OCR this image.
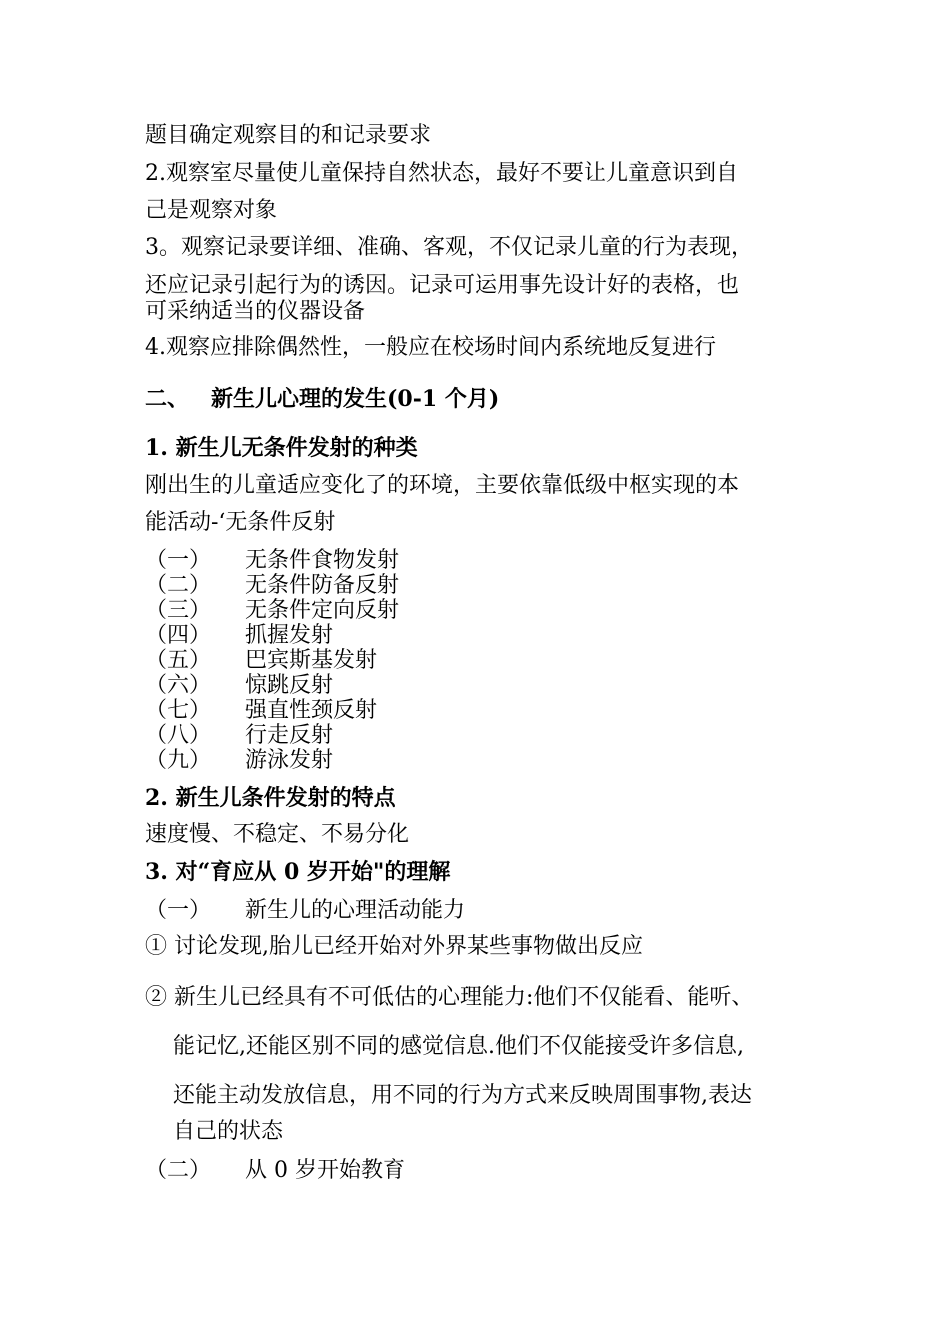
题目确定观察目的和记录要求
2.观察室尽量使儿童保持自然状态，最好不要让儿童意识到自
己是观察对象
3。观察记录要详细、准确、客观，不仅记录儿童的行为表现，
还应记录引起行为的诱因。记录可运用事先设计好的表格，也
可采纳适当的仪器设备
4.观察应排除偶然性，一般应在校场时间内系统地反复进行
二、 新生儿心理的发生(0-1 个月)
1. 新生儿无条件发射的种类
刚出生的儿童适应变化了的环境，主要依靠低级中枢实现的本
能活动-‘无条件反射
（一） 无条件食物发射
（二） 无条件防备反射
（三） 无条件定向反射
（四） 抓握发射
（五） 巴宾斯基发射
（六） 惊跳反射
（七） 强直性颈反射
（八） 行走反射
（九） 游泳发射
2. 新生儿条件发射的特点
速度慢、不稳定、不易分化
3. 对“育应从 0 岁开始"的理解
（一） 新生儿的心理活动能力
① 讨论发现,胎儿已经开始对外界某些事物做出反应
② 新生儿已经具有不可低估的心理能力:他们不仅能看、能听、
能记忆,还能区别不同的感觉信息.他们不仅能接受许多信息,
还能主动发放信息，用不同的行为方式来反映周围事物,表达
自己的状态
（二） 从 0 岁开始教育
